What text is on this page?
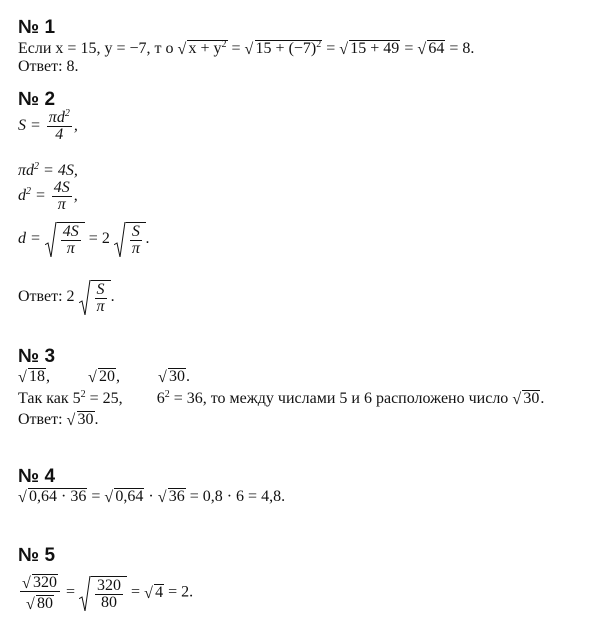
№ 1
Если x = 15, y = −7, т о √ $x + y^2$ = √ $15 + (-7)^2$ = √ 15 + 49 = √ 64 = 8.
Ответ: 8.
№ 2
$S = \frac{\pi d^2}{4}$ ,
$\pi d^2 = 4S$,
$d^2 = \frac{4S}{\pi}$ ,
$d = \frac{4S}{\pi} = 2 \frac{S}{\pi}$ .
Ответ: $2 \frac{S}{\pi}$ .
№ 3
√ 18,	√ 20,	√ 30.
Так как $5^2 = 25$, $6^2 = 36$, то между числами 5 и 6 расположено число √ 30.
Ответ: √ 30.
№ 4
√ 0,64 · 36 = √ 0,64 · √ 36 = 0,8 · 6 = 4,8.
№ 5
√ 320
√ $80 = \frac{320}{80}$ = √ 4 = 2.
